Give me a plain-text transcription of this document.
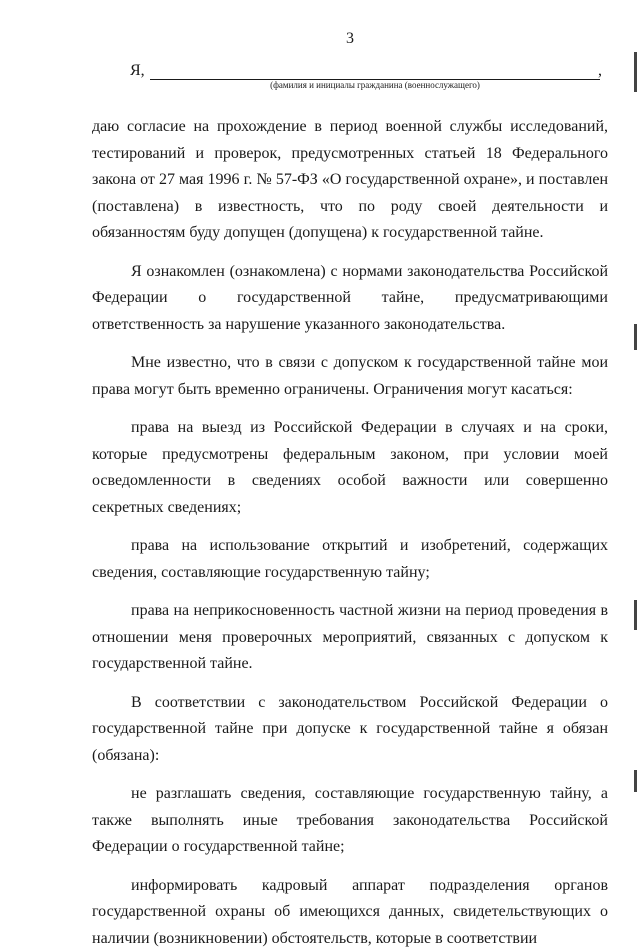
3
Я,	,
(фамилия и инициалы гражданина (военнослужащего)

даю согласие на прохождение в период военной службы исследований, тестирований и проверок, предусмотренных статьей 18 Федерального закона от 27 мая 1996 г. № 57-ФЗ «О государственной охране», и поставлен (поставлена) в известность, что по роду своей деятельности и обязанностям буду допущен (допущена) к государственной тайне.

Я ознакомлен (ознакомлена) с нормами законодательства Российской Федерации о государственной тайне, предусматривающими ответственность за нарушение указанного законодательства.

Мне известно, что в связи с допуском к государственной тайне мои права могут быть временно ограничены. Ограничения могут касаться:

права на выезд из Российской Федерации в случаях и на сроки, которые предусмотрены федеральным законом, при условии моей осведомленности в сведениях особой важности или совершенно секретных сведениях;

права на использование открытий и изобретений, содержащих сведения, составляющие государственную тайну;

права на неприкосновенность частной жизни на период проведения в отношении меня проверочных мероприятий, связанных с допуском к государственной тайне.

В соответствии с законодательством Российской Федерации о государственной тайне при допуске к государственной тайне я обязан (обязана):

не разглашать сведения, составляющие государственную тайну, а также выполнять иные требования законодательства Российской Федерации о государственной тайне;

информировать кадровый аппарат подразделения органов государственной охраны об имеющихся данных, свидетельствующих о наличии (возникновении) обстоятельств, которые в соответствии
